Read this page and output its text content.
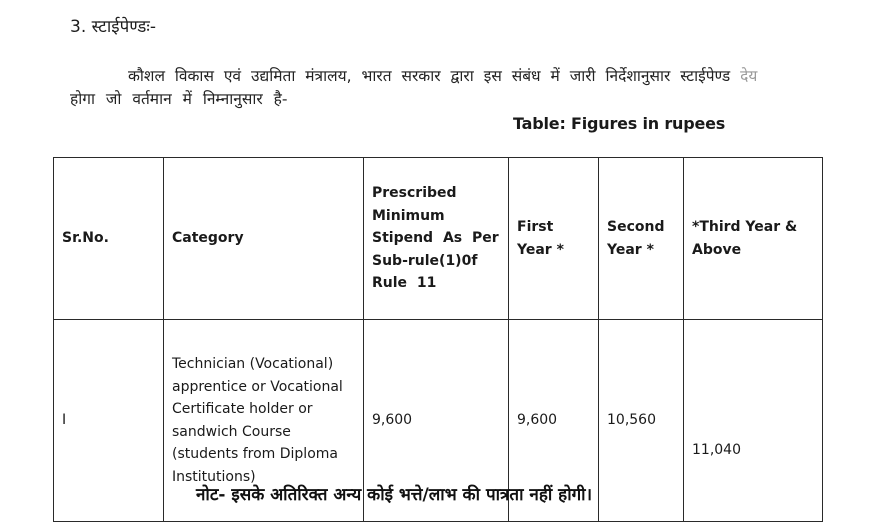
3. स्टाईपेण्डः-
कौशल विकास एवं उद्यमिता मंत्रालय, भारत सरकार द्वारा इस संबंध में जारी निर्देशानुसार स्टाईपेण्ड देय
होगा जो वर्तमान में निम्नानुसार है-
Table: Figures in rupees
Sr.No.	Category	Prescribed Minimum Stipend As Per Sub-rule(1)0f Rule 11	First Year *	Second Year *	*Third Year & Above
I	Technician (Vocational) apprentice or Vocational Certificate holder or sandwich Course (students from Diploma Institutions)	9,600	9,600	10,560	11,040
नोट- इसके अतिरिक्त अन्य कोई भत्ते/लाभ की पात्रता नहीं होगी।
